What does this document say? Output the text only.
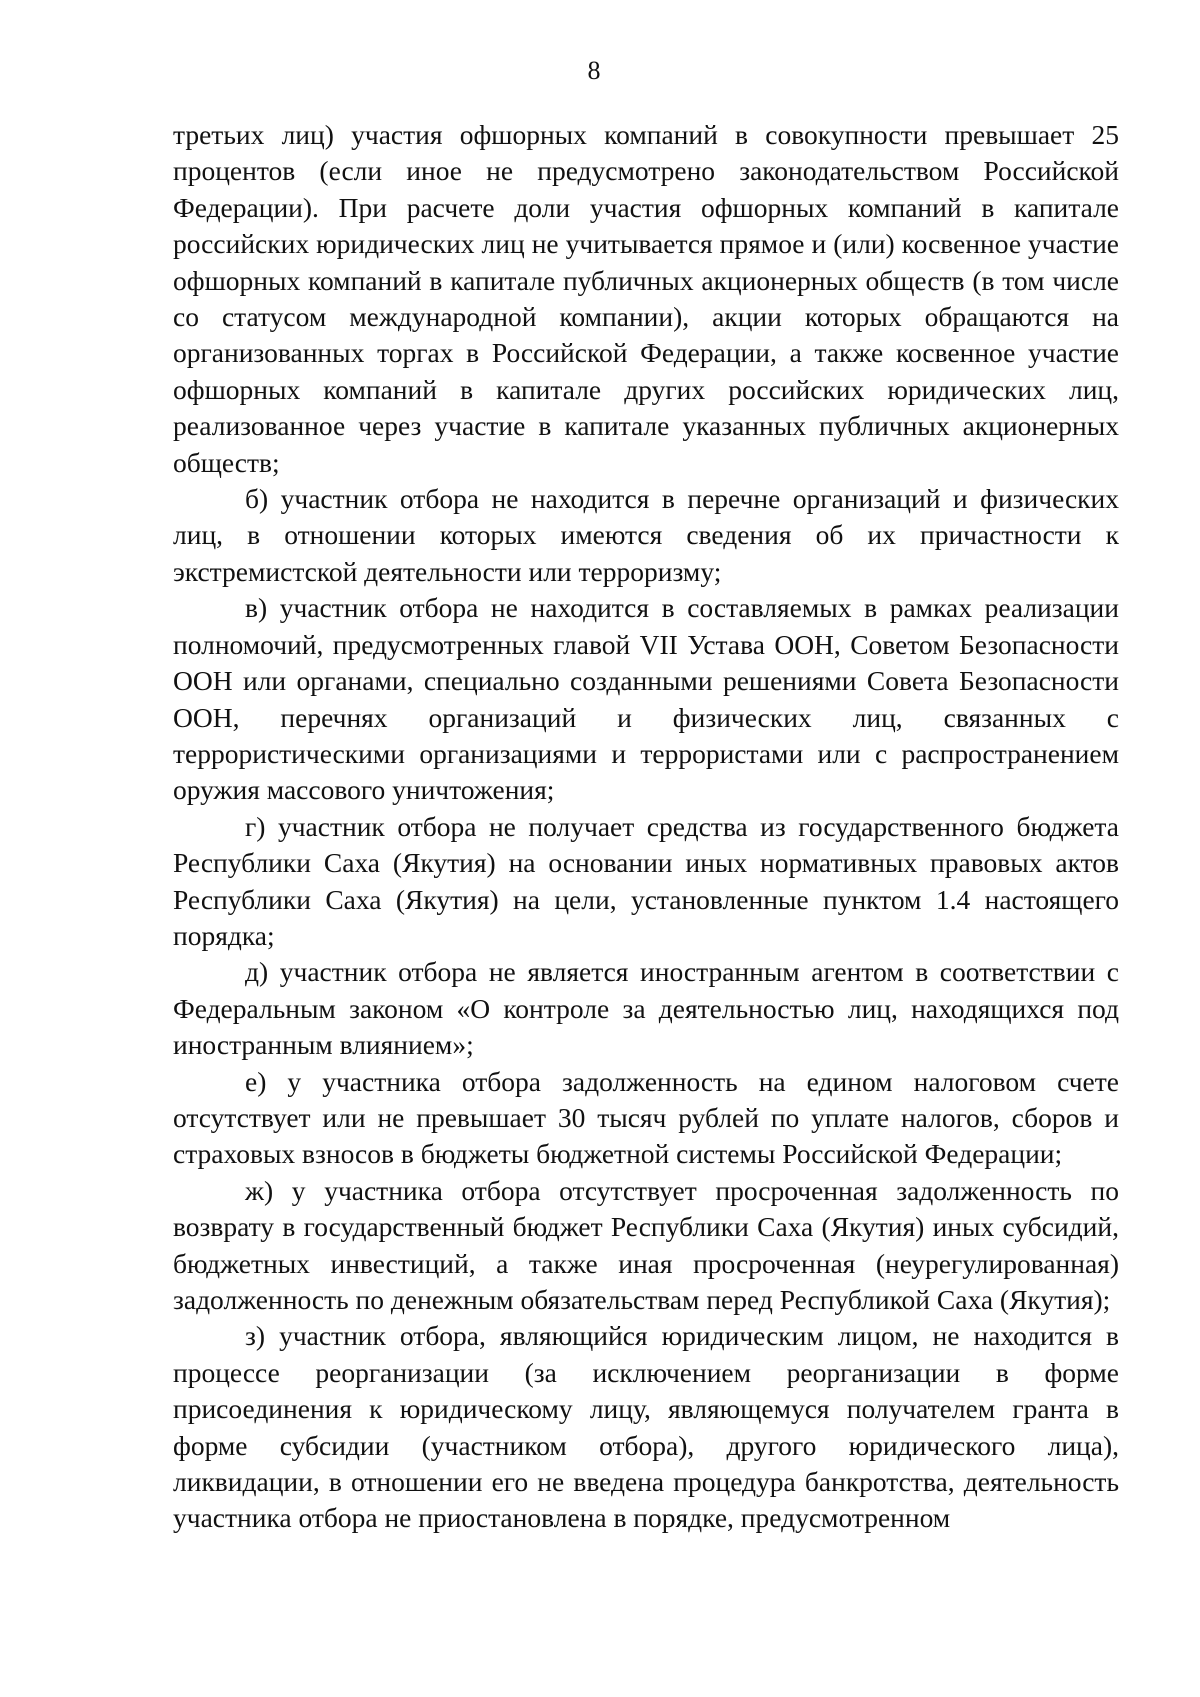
8

третьих лиц) участия офшорных компаний в совокупности превышает 25 процентов (если иное не предусмотрено законодательством Российской Федерации). При расчете доли участия офшорных компаний в капитале российских юридических лиц не учитывается прямое и (или) косвенное участие офшорных компаний в капитале публичных акционерных обществ (в том числе со статусом международной компании), акции которых обращаются на организованных торгах в Российской Федерации, а также косвенное участие офшорных компаний в капитале других российских юридических лиц, реализованное через участие в капитале указанных публичных акционерных обществ;

б) участник отбора не находится в перечне организаций и физических лиц, в отношении которых имеются сведения об их причастности к экстремистской деятельности или терроризму;

в) участник отбора не находится в составляемых в рамках реализации полномочий, предусмотренных главой VII Устава ООН, Советом Безопасности ООН или органами, специально созданными решениями Совета Безопасности ООН, перечнях организаций и физических лиц, связанных с террористическими организациями и террористами или с распространением оружия массового уничтожения;

г) участник отбора не получает средства из государственного бюджета Республики Саха (Якутия) на основании иных нормативных правовых актов Республики Саха (Якутия) на цели, установленные пунктом 1.4 настоящего порядка;

д) участник отбора не является иностранным агентом в соответствии с Федеральным законом «О контроле за деятельностью лиц, находящихся под иностранным влиянием»;

е) у участника отбора задолженность на едином налоговом счете отсутствует или не превышает 30 тысяч рублей по уплате налогов, сборов и страховых взносов в бюджеты бюджетной системы Российской Федерации;

ж) у участника отбора отсутствует просроченная задолженность по возврату в государственный бюджет Республики Саха (Якутия) иных субсидий, бюджетных инвестиций, а также иная просроченная (неурегулированная) задолженность по денежным обязательствам перед Республикой Саха (Якутия);

з) участник отбора, являющийся юридическим лицом, не находится в процессе реорганизации (за исключением реорганизации в форме присоединения к юридическому лицу, являющемуся получателем гранта в форме субсидии (участником отбора), другого юридического лица), ликвидации, в отношении его не введена процедура банкротства, деятельность участника отбора не приостановлена в порядке, предусмотренном
